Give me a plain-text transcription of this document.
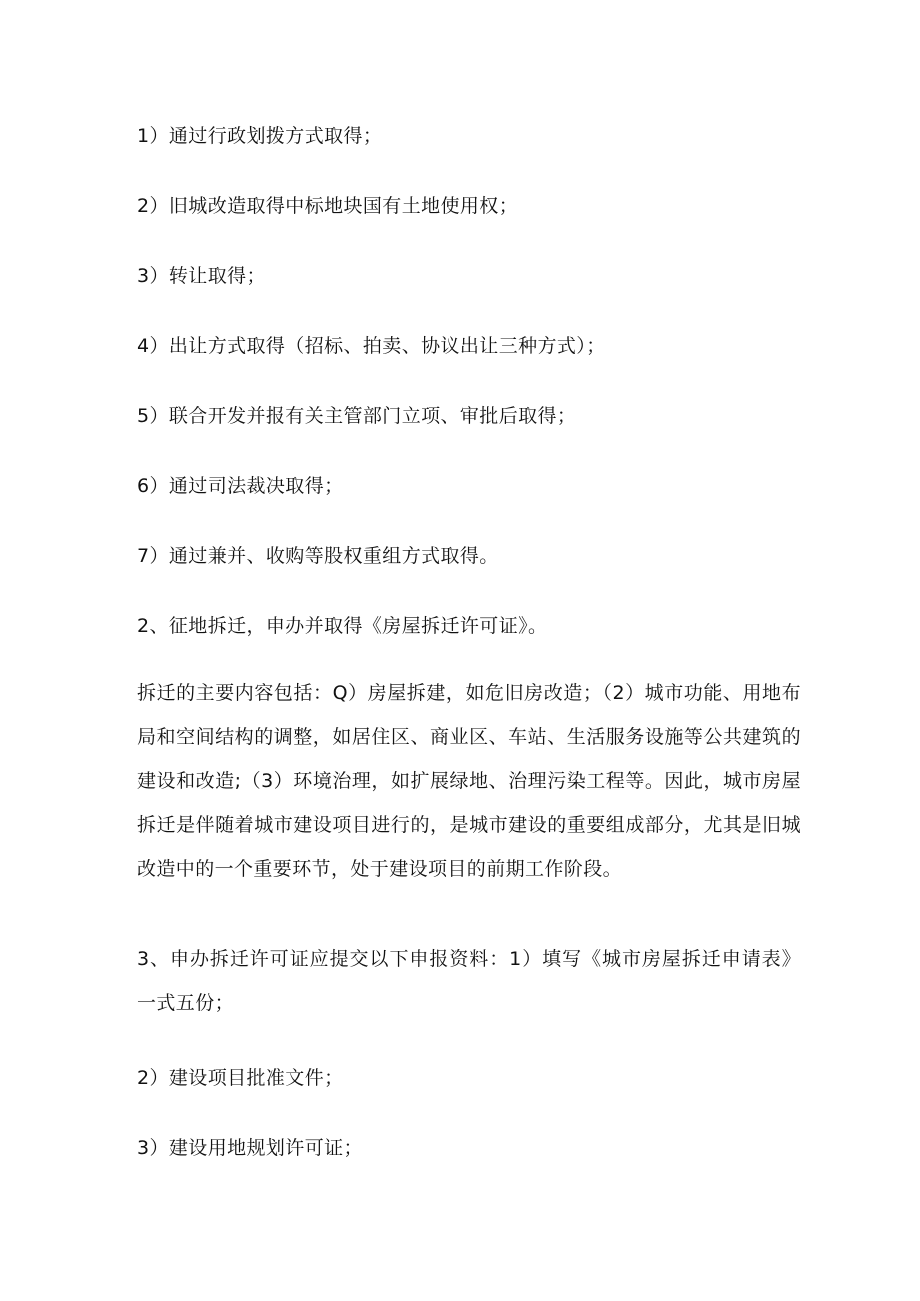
1）通过行政划拨方式取得；
2）旧城改造取得中标地块国有土地使用权；
3）转让取得；
4）出让方式取得（招标、拍卖、协议出让三种方式）；
5）联合开发并报有关主管部门立项、审批后取得；
6）通过司法裁决取得；
7）通过兼并、收购等股权重组方式取得。
2、征地拆迁，申办并取得《房屋拆迁许可证》。
拆迁的主要内容包括：Q）房屋拆建，如危旧房改造；（2）城市功能、用地布局和空间结构的调整，如居住区、商业区、车站、生活服务设施等公共建筑的建设和改造;（3）环境治理，如扩展绿地、治理污染工程等。因此，城市房屋拆迁是伴随着城市建设项目进行的，是城市建设的重要组成部分，尤其是旧城改造中的一个重要环节，处于建设项目的前期工作阶段。
3、申办拆迁许可证应提交以下申报资料：1）填写《城市房屋拆迁申请表》一式五份；
2）建设项目批准文件；
3）建设用地规划许可证；
